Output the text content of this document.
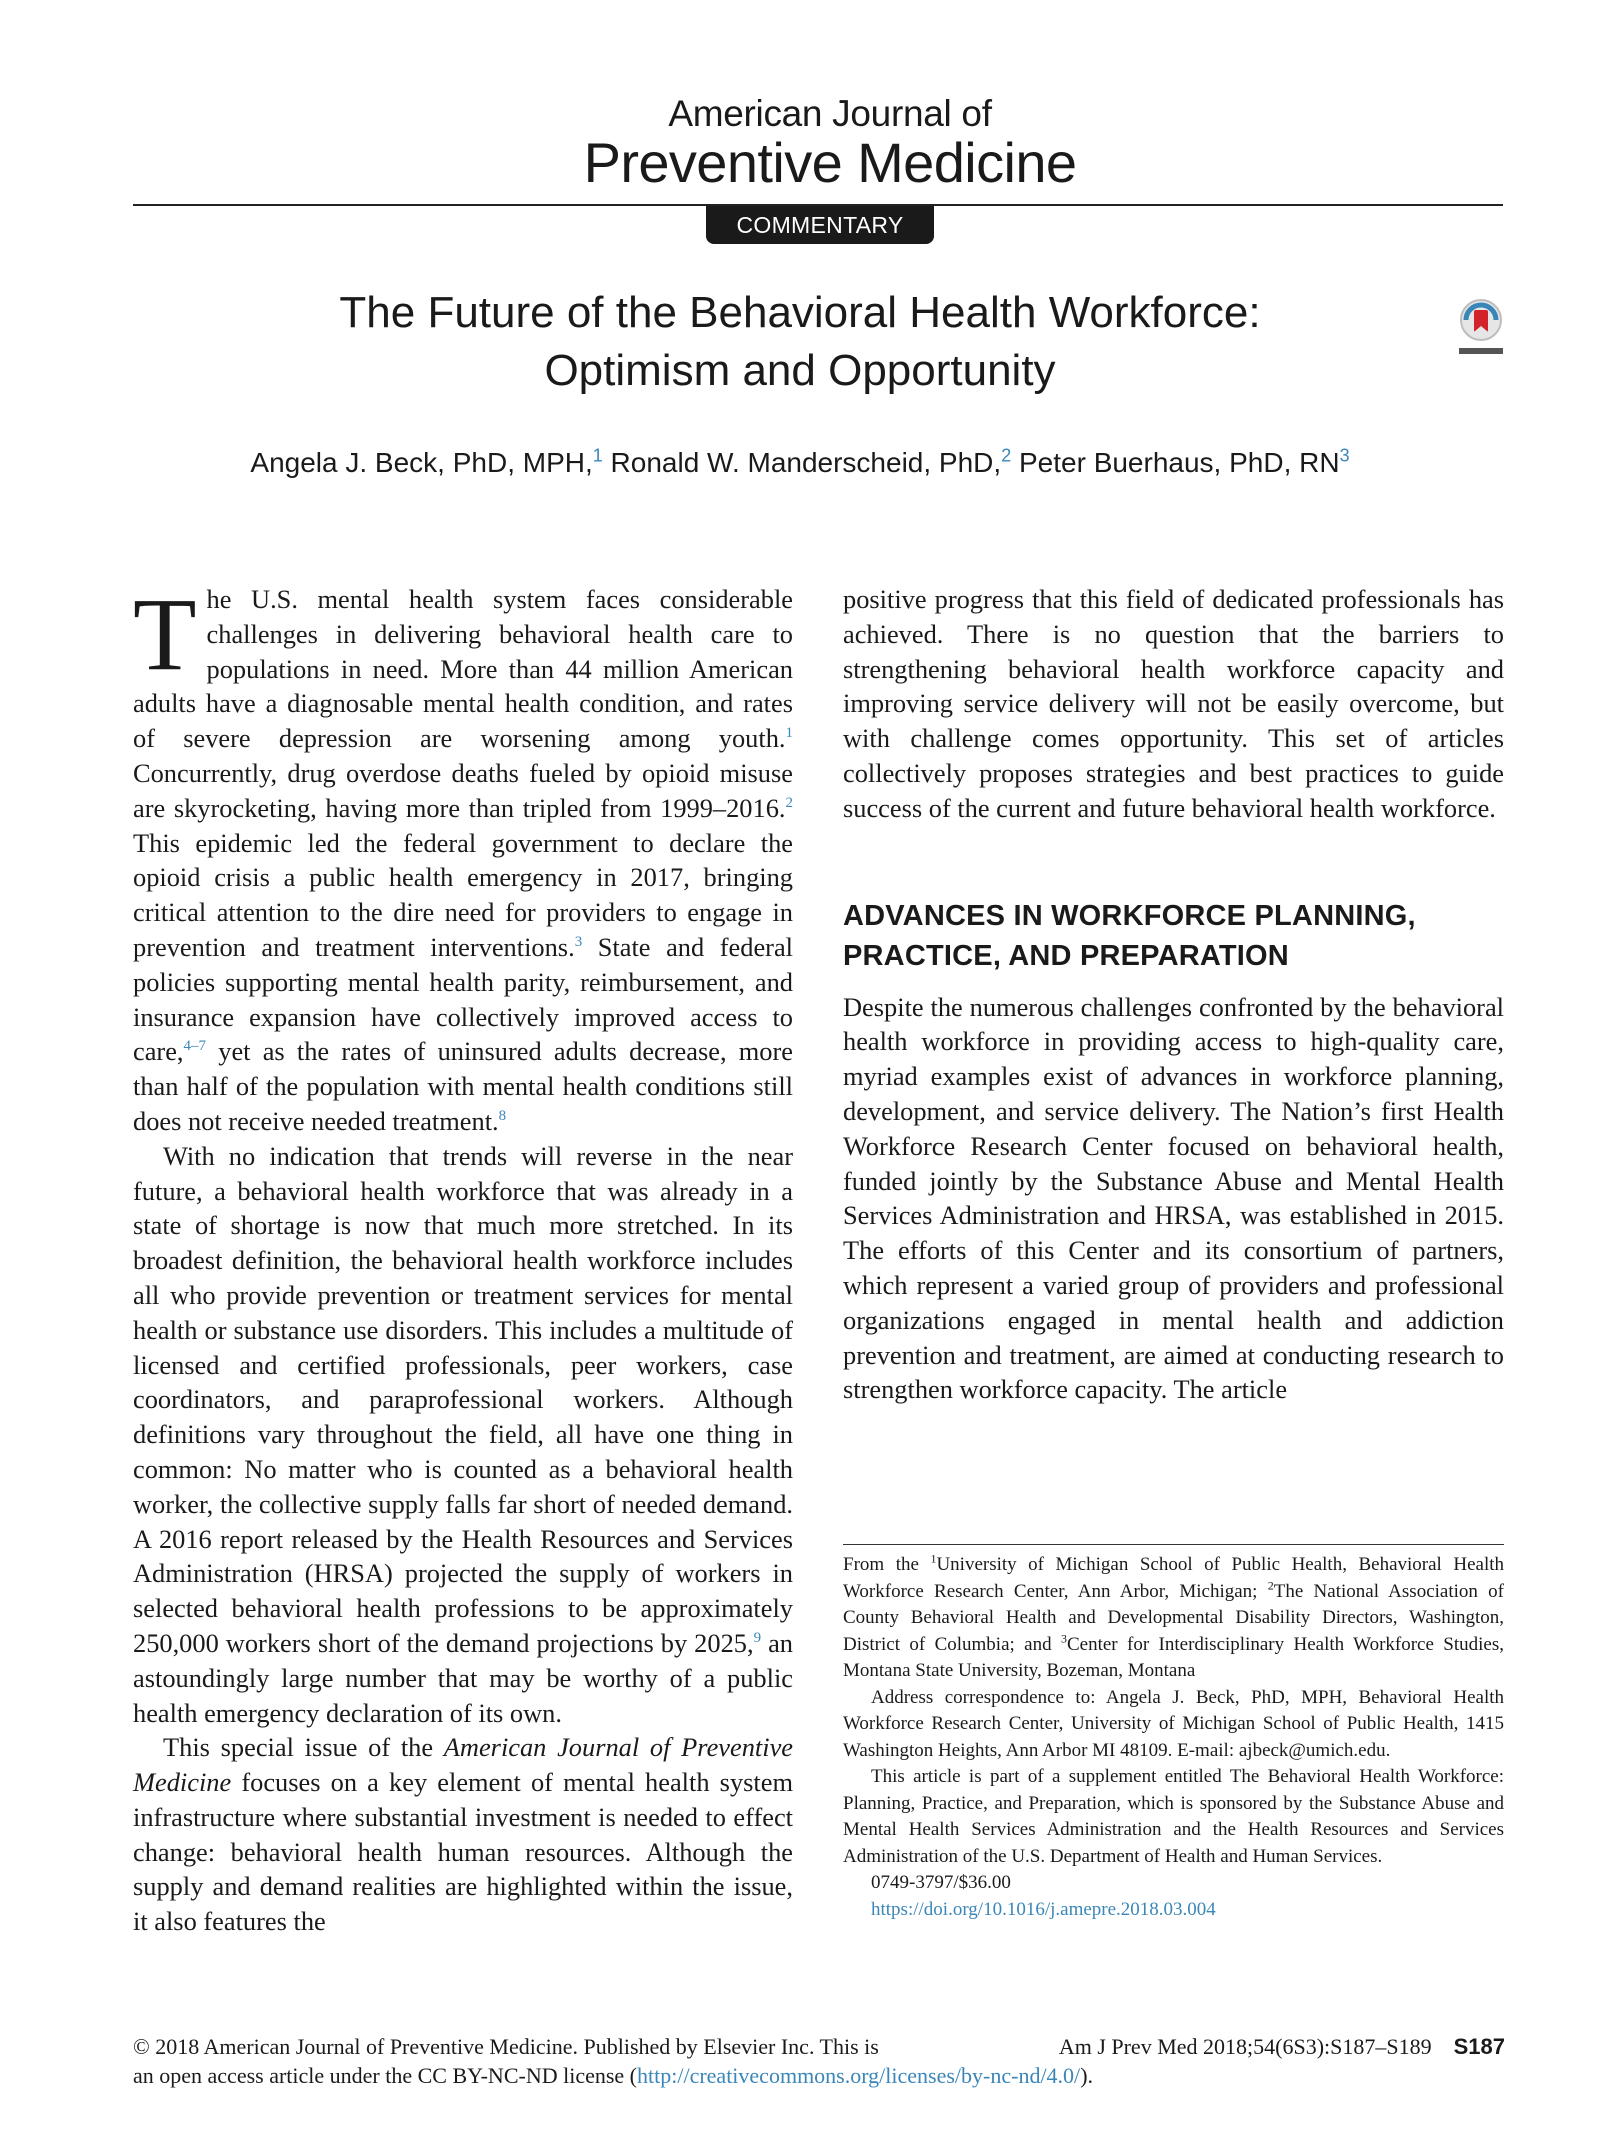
American Journal of
Preventive Medicine
COMMENTARY
The Future of the Behavioral Health Workforce:
Optimism and Opportunity
Angela J. Beck, PhD, MPH,$^1$ Ronald W. Manderscheid, PhD,$^2$ Peter Buerhaus, PhD, $RN^3$

The U.S. mental health system faces considerable challenges in delivering behavioral health care to populations in need. More than 44 million American adults have a diagnosable mental health condition, and rates of severe depression are worsening among youth.$^1$ Concurrently, drug overdose deaths fueled by opioid misuse are skyrocketing, having more than tripled from 1999–2016.$^2$ This epidemic led the federal government to declare the opioid crisis a public health emergency in 2017, bringing critical attention to the dire need for providers to engage in prevention and treatment interventions.$^3$ State and federal policies supporting mental health parity, reimbursement, and insurance expansion have collectively improved access to care,$^{4-7}$ yet as the rates of uninsured adults decrease, more than half of the population with mental health conditions still does not receive needed treatment.$^8$

With no indication that trends will reverse in the near future, a behavioral health workforce that was already in a state of shortage is now that much more stretched. In its broadest definition, the behavioral health workforce includes all who provide prevention or treatment services for mental health or substance use disorders. This includes a multitude of licensed and certified professionals, peer workers, case coordinators, and paraprofessional workers. Although definitions vary throughout the field, all have one thing in common: No matter who is counted as a behavioral health worker, the collective supply falls far short of needed demand. A 2016 report released by the Health Resources and Services Administration (HRSA) projected the supply of workers in selected behavioral health professions to be approximately 250,000 workers short of the demand projections by 2025,$^9$ an astoundingly large number that may be worthy of a public health emergency declaration of its own.

This special issue of the American Journal of Preventive Medicine focuses on a key element of mental health system infrastructure where substantial investment is needed to effect change: behavioral health human resources. Although the supply and demand realities are highlighted within the issue, it also features the

positive progress that this field of dedicated professionals has achieved. There is no question that the barriers to strengthening behavioral health workforce capacity and improving service delivery will not be easily overcome, but with challenge comes opportunity. This set of articles collectively proposes strategies and best practices to guide success of the current and future behavioral health workforce.

ADVANCES IN WORKFORCE PLANNING,
PRACTICE, AND PREPARATION

Despite the numerous challenges confronted by the behavioral health workforce in providing access to high-quality care, myriad examples exist of advances in workforce planning, development, and service delivery. The Nation’s first Health Workforce Research Center focused on behavioral health, funded jointly by the Substance Abuse and Mental Health Services Administration and HRSA, was established in 2015. The efforts of this Center and its consortium of partners, which represent a varied group of providers and professional organizations engaged in mental health and addiction prevention and treatment, are aimed at conducting research to strengthen workforce capacity. The article

From the $^1$University of Michigan School of Public Health, Behavioral Health Workforce Research Center, Ann Arbor, Michigan; $^2$The National Association of County Behavioral Health and Developmental Disability Directors, Washington, District of Columbia; and $^3$Center for Interdisciplinary Health Workforce Studies, Montana State University, Bozeman, Montana

Address correspondence to: Angela J. Beck, PhD, MPH, Behavioral Health Workforce Research Center, University of Michigan School of Public Health, 1415 Washington Heights, Ann Arbor MI 48109. E-mail: ajbeck@umich.edu.

This article is part of a supplement entitled The Behavioral Health Workforce: Planning, Practice, and Preparation, which is sponsored by the Substance Abuse and Mental Health Services Administration and the Health Resources and Services Administration of the U.S. Department of Health and Human Services.

0749-3797/$36.00

https://doi.org/10.1016/j.amepre.2018.03.004

© 2018 American Journal of Preventive Medicine. Published by Elsevier Inc. This is	Am J Prev Med 2018;54(6S3):S187–S189 S187
an open access article under the CC BY-NC-ND license (http://creativecommons.org/licenses/by-nc-nd/4.0/).
